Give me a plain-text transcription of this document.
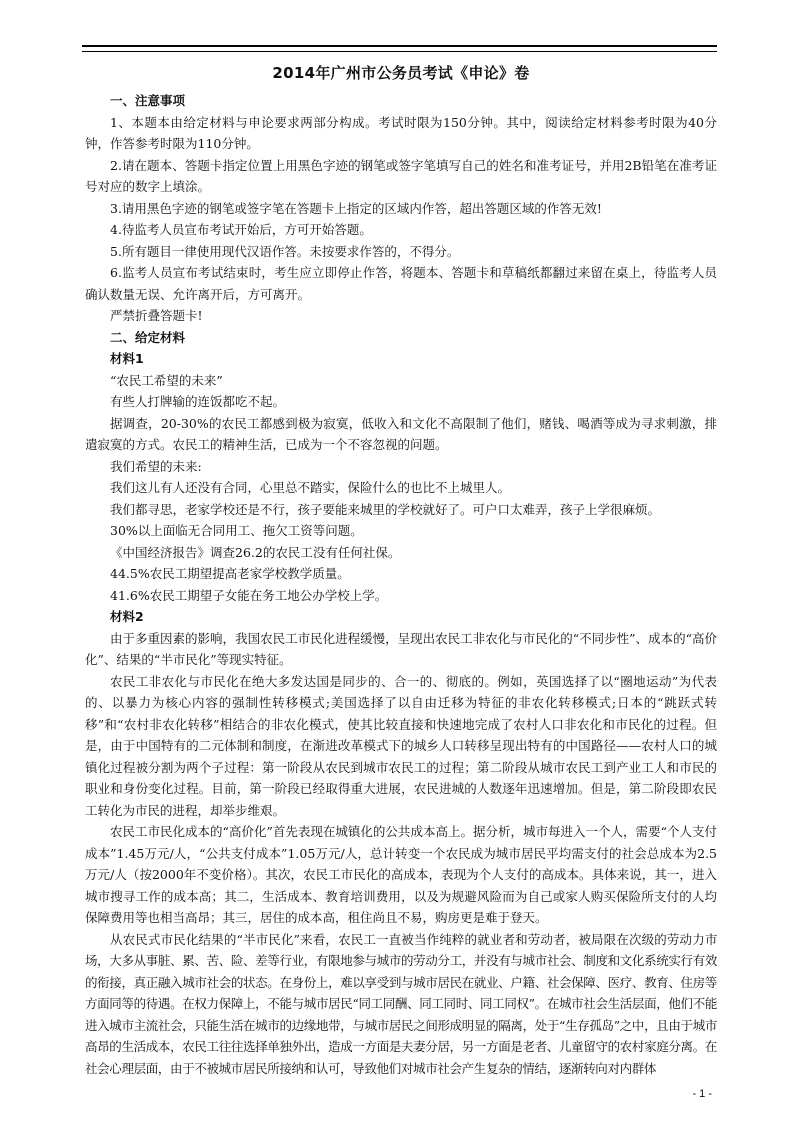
2014年广州市公务员考试《申论》卷

一、注意事项

1、本题本由给定材料与申论要求两部分构成。考试时限为150分钟。其中，阅读给定材料参考时限为40分钟，作答参考时限为110分钟。

2.请在题本、答题卡指定位置上用黑色字迹的钢笔或签字笔填写自己的姓名和准考证号，并用2B铅笔在准考证号对应的数字上填涂。

3.请用黑色字迹的钢笔或签字笔在答题卡上指定的区域内作答，超出答题区域的作答无效!

4.待监考人员宣布考试开始后，方可开始答题。

5.所有题目一律使用现代汉语作答。未按要求作答的，不得分。

6.监考人员宣布考试结束时，考生应立即停止作答，将题本、答题卡和草稿纸都翻过来留在桌上，待监考人员确认数量无误、允许离开后，方可离开。

严禁折叠答题卡!

二、给定材料

材料1

“农民工希望的未来”

有些人打牌输的连饭都吃不起。

据调查，20-30%的农民工都感到极为寂寞，低收入和文化不高限制了他们，赌钱、喝酒等成为寻求刺激，排遣寂寞的方式。农民工的精神生活，已成为一个不容忽视的问题。

我们希望的未来:

我们这儿有人还没有合同，心里总不踏实，保险什么的也比不上城里人。

我们都寻思，老家学校还是不行，孩子要能来城里的学校就好了。可户口太难弄，孩子上学很麻烦。

30%以上面临无合同用工、拖欠工资等问题。

《中国经济报告》调查26.2的农民工没有任何社保。

44.5%农民工期望提高老家学校教学质量。

41.6%农民工期望子女能在务工地公办学校上学。

材料2

由于多重因素的影响，我国农民工市民化进程缓慢，呈现出农民工非农化与市民化的“不同步性”、成本的“高价化”、结果的“半市民化”等现实特征。

农民工非农化与市民化在绝大多发达国是同步的、合一的、彻底的。例如，英国选择了以“圈地运动”为代表的、以暴力为核心内容的强制性转移模式;美国选择了以自由迁移为特征的非农化转移模式;日本的“跳跃式转移”和“农村非农化转移”相结合的非农化模式，使其比较直接和快速地完成了农村人口非农化和市民化的过程。但是，由于中国特有的二元体制和制度，在渐进改革模式下的城乡人口转移呈现出特有的中国路径——农村人口的城镇化过程被分割为两个子过程：第一阶段从农民到城市农民工的过程；第二阶段从城市农民工到产业工人和市民的职业和身份变化过程。目前，第一阶段已经取得重大进展，农民进城的人数逐年迅速增加。但是，第二阶段即农民工转化为市民的进程，却举步维艰。

农民工市民化成本的“高价化”首先表现在城镇化的公共成本高上。据分析，城市每进入一个人，需要“个人支付成本”1.45万元/人，“公共支付成本”1.05万元/人，总计转变一个农民成为城市居民平均需支付的社会总成本为2.5万元/人（按2000年不变价格）。其次，农民工市民化的高成本，表现为个人支付的高成本。具体来说，其一，进入城市搜寻工作的成本高；其二，生活成本、教育培训费用，以及为规避风险而为自己或家人购买保险所支付的人均保障费用等也相当高昂；其三，居住的成本高，租住尚且不易，购房更是难于登天。

从农民式市民化结果的“半市民化”来看，农民工一直被当作纯粹的就业者和劳动者，被局限在次级的劳动力市场，大多从事脏、累、苦、险、差等行业，有限地参与城市的劳动分工，并没有与城市社会、制度和文化系统实行有效的衔接，真正融入城市社会的状态。在身份上，难以享受到与城市居民在就业、户籍、社会保障、医疗、教育、住房等方面同等的待遇。在权力保障上，不能与城市居民“同工同酬、同工同时、同工同权”。在城市社会生活层面，他们不能进入城市主流社会，只能生活在城市的边缘地带，与城市居民之间形成明显的隔离，处于“生存孤岛”之中，且由于城市高昂的生活成本，农民工往往选择单独外出，造成一方面是夫妻分居，另一方面是老者、儿童留守的农村家庭分离。在社会心理层面，由于不被城市居民所接纳和认可，导致他们对城市社会产生复杂的情结，逐渐转向对内群体

- 1 -
